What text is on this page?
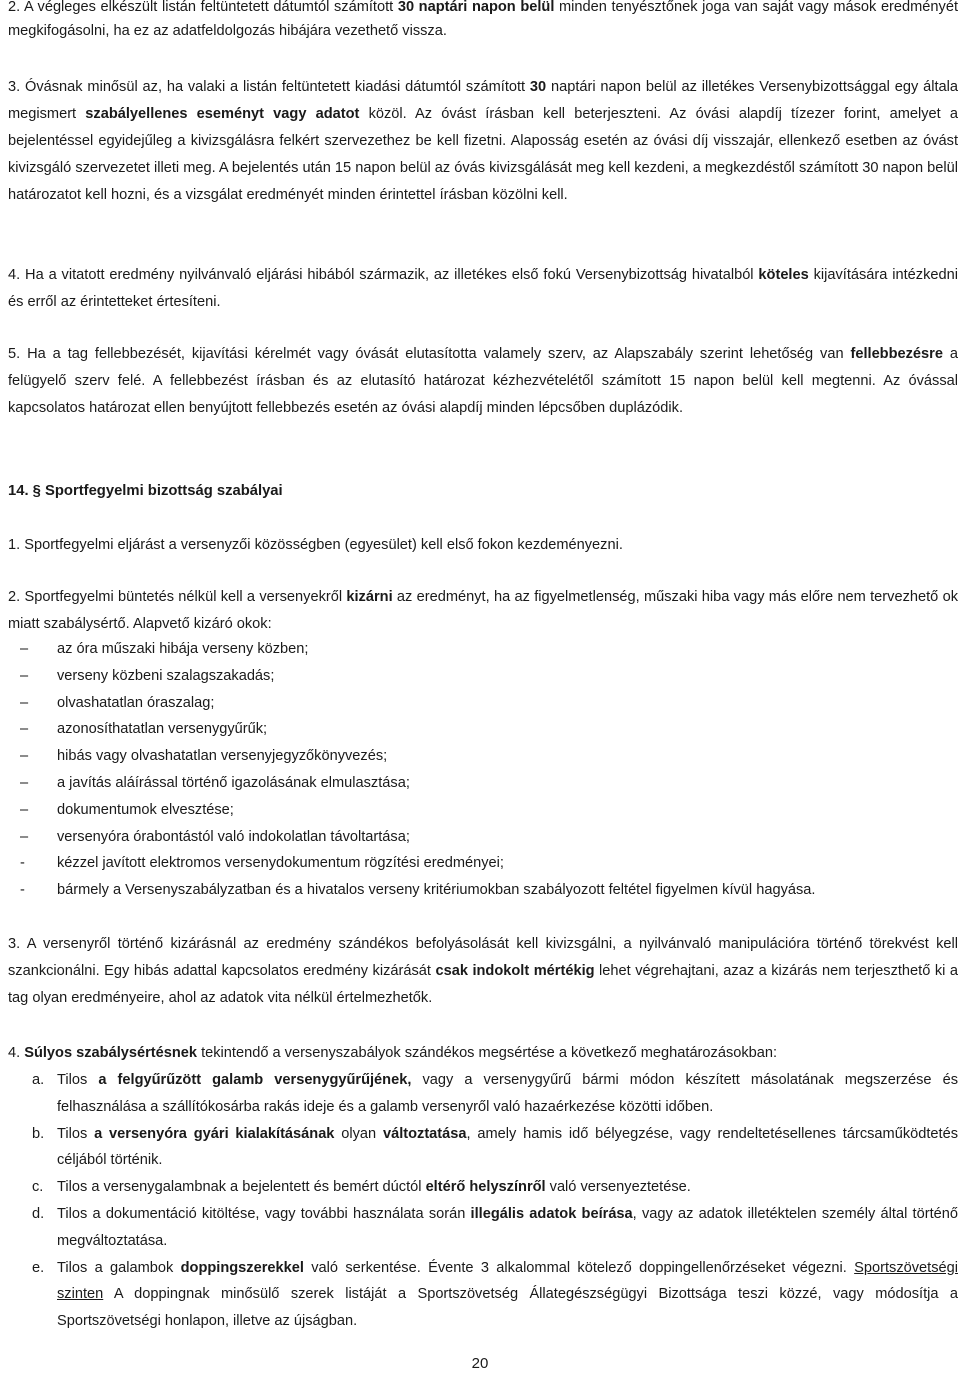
2. A végleges elkészült listán feltüntetett dátumtól számított 30 naptári napon belül minden tenyésztőnek joga van saját vagy mások eredményét megkifogásolni, ha ez az adatfeldolgozás hibájára vezethető vissza.
3. Óvásnak minősül az, ha valaki a listán feltüntetett kiadási dátumtól számított 30 naptári napon belül az illetékes Versenybizottsággal egy általa megismert szabályellenes eseményt vagy adatot közöl. Az óvást írásban kell beterjeszteni. Az óvási alapdíj tízezer forint, amelyet a bejelentéssel egyidejűleg a kivizsgálásra felkért szervezethez be kell fizetni. Alaposság esetén az óvási díj visszajár, ellenkező esetben az óvást kivizsgáló szervezetet illeti meg. A bejelentés után 15 napon belül az óvás kivizsgálását meg kell kezdeni, a megkezdéstől számított 30 napon belül határozatot kell hozni, és a vizsgálat eredményét minden érintettel írásban közölni kell.
4. Ha a vitatott eredmény nyilvánvaló eljárási hibából származik, az illetékes első fokú Versenybizottság hivatalból köteles kijavítására intézkedni és erről az érintetteket értesíteni.
5. Ha a tag fellebbezését, kijavítási kérelmét vagy óvását elutasította valamely szerv, az Alapszabály szerint lehetőség van fellebbezésre a felügyelő szerv felé. A fellebbezést írásban és az elutasító határozat kézhezvételétől számított 15 napon belül kell megtenni. Az óvással kapcsolatos határozat ellen benyújtott fellebbezés esetén az óvási alapdíj minden lépcsőben duplázódik.
14. § Sportfegyelmi bizottság szabályai
1. Sportfegyelmi eljárást a versenyzői közösségben (egyesület) kell első fokon kezdeményezni.
2. Sportfegyelmi büntetés nélkül kell a versenyekről kizárni az eredményt, ha az figyelmetlenség, műszaki hiba vagy más előre nem tervezhető ok miatt szabálysértő. Alapvető kizáró okok:
–	az óra műszaki hibája verseny közben;
–	verseny közbeni szalagszakadás;
–	olvashatatlan óraszalag;
–	azonosíthatatlan versenygyűrűk;
–	hibás vagy olvashatatlan versenyjegyzőkönyvezés;
–	a javítás aláírással történő igazolásának elmulasztása;
–	dokumentumok elvesztése;
–	versenyóra órabontástól való indokolatlan távoltartása;
-	kézzel javított elektromos versenydokumentum rögzítési eredményei;
-	bármely a Versenyszabályzatban és a hivatalos verseny kritériumokban szabályozott feltétel figyelmen kívül hagyása.
3. A versenyről történő kizárásnál az eredmény szándékos befolyásolását kell kivizsgálni, a nyilvánvaló manipulációra történő törekvést kell szankcionálni. Egy hibás adattal kapcsolatos eredmény kizárását csak indokolt mértékig lehet végrehajtani, azaz a kizárás nem terjeszthető ki a tag olyan eredményeire, ahol az adatok vita nélkül értelmezhetők.
4. Súlyos szabálysértésnek tekintendő a versenyszabályok szándékos megsértése a következő meghatározásokban:
a. Tilos a felgyűrűzött galamb versenygyűrűjének, vagy a versenygyűrű bármi módon készített másolatának megszerzése és felhasználása a szállítókosárba rakás ideje és a galamb versenyről való hazaérkezése közötti időben.
b. Tilos a versenyóra gyári kialakításának olyan változtatása, amely hamis idő bélyegzése, vagy rendeltetésellenes tárcsaműködtetés céljából történik.
c. Tilos a versenygalambnak a bejelentett és bemért dúctól eltérő helyszínről való versenyeztetése.
d. Tilos a dokumentáció kitöltése, vagy további használata során illegális adatok beírása, vagy az adatok illetéktelen személy által történő megváltoztatása.
e. Tilos a galambok doppingszerekkel való serkentése. Évente 3 alkalommal kötelező doppingellenőrzéseket végezni. Sportszövetségi szinten A doppingnak minősülő szerek listáját a Sportszövetség Állategészségügyi Bizottsága teszi közzé, vagy módosítja a Sportszövetségi honlapon, illetve az újságban.
20
